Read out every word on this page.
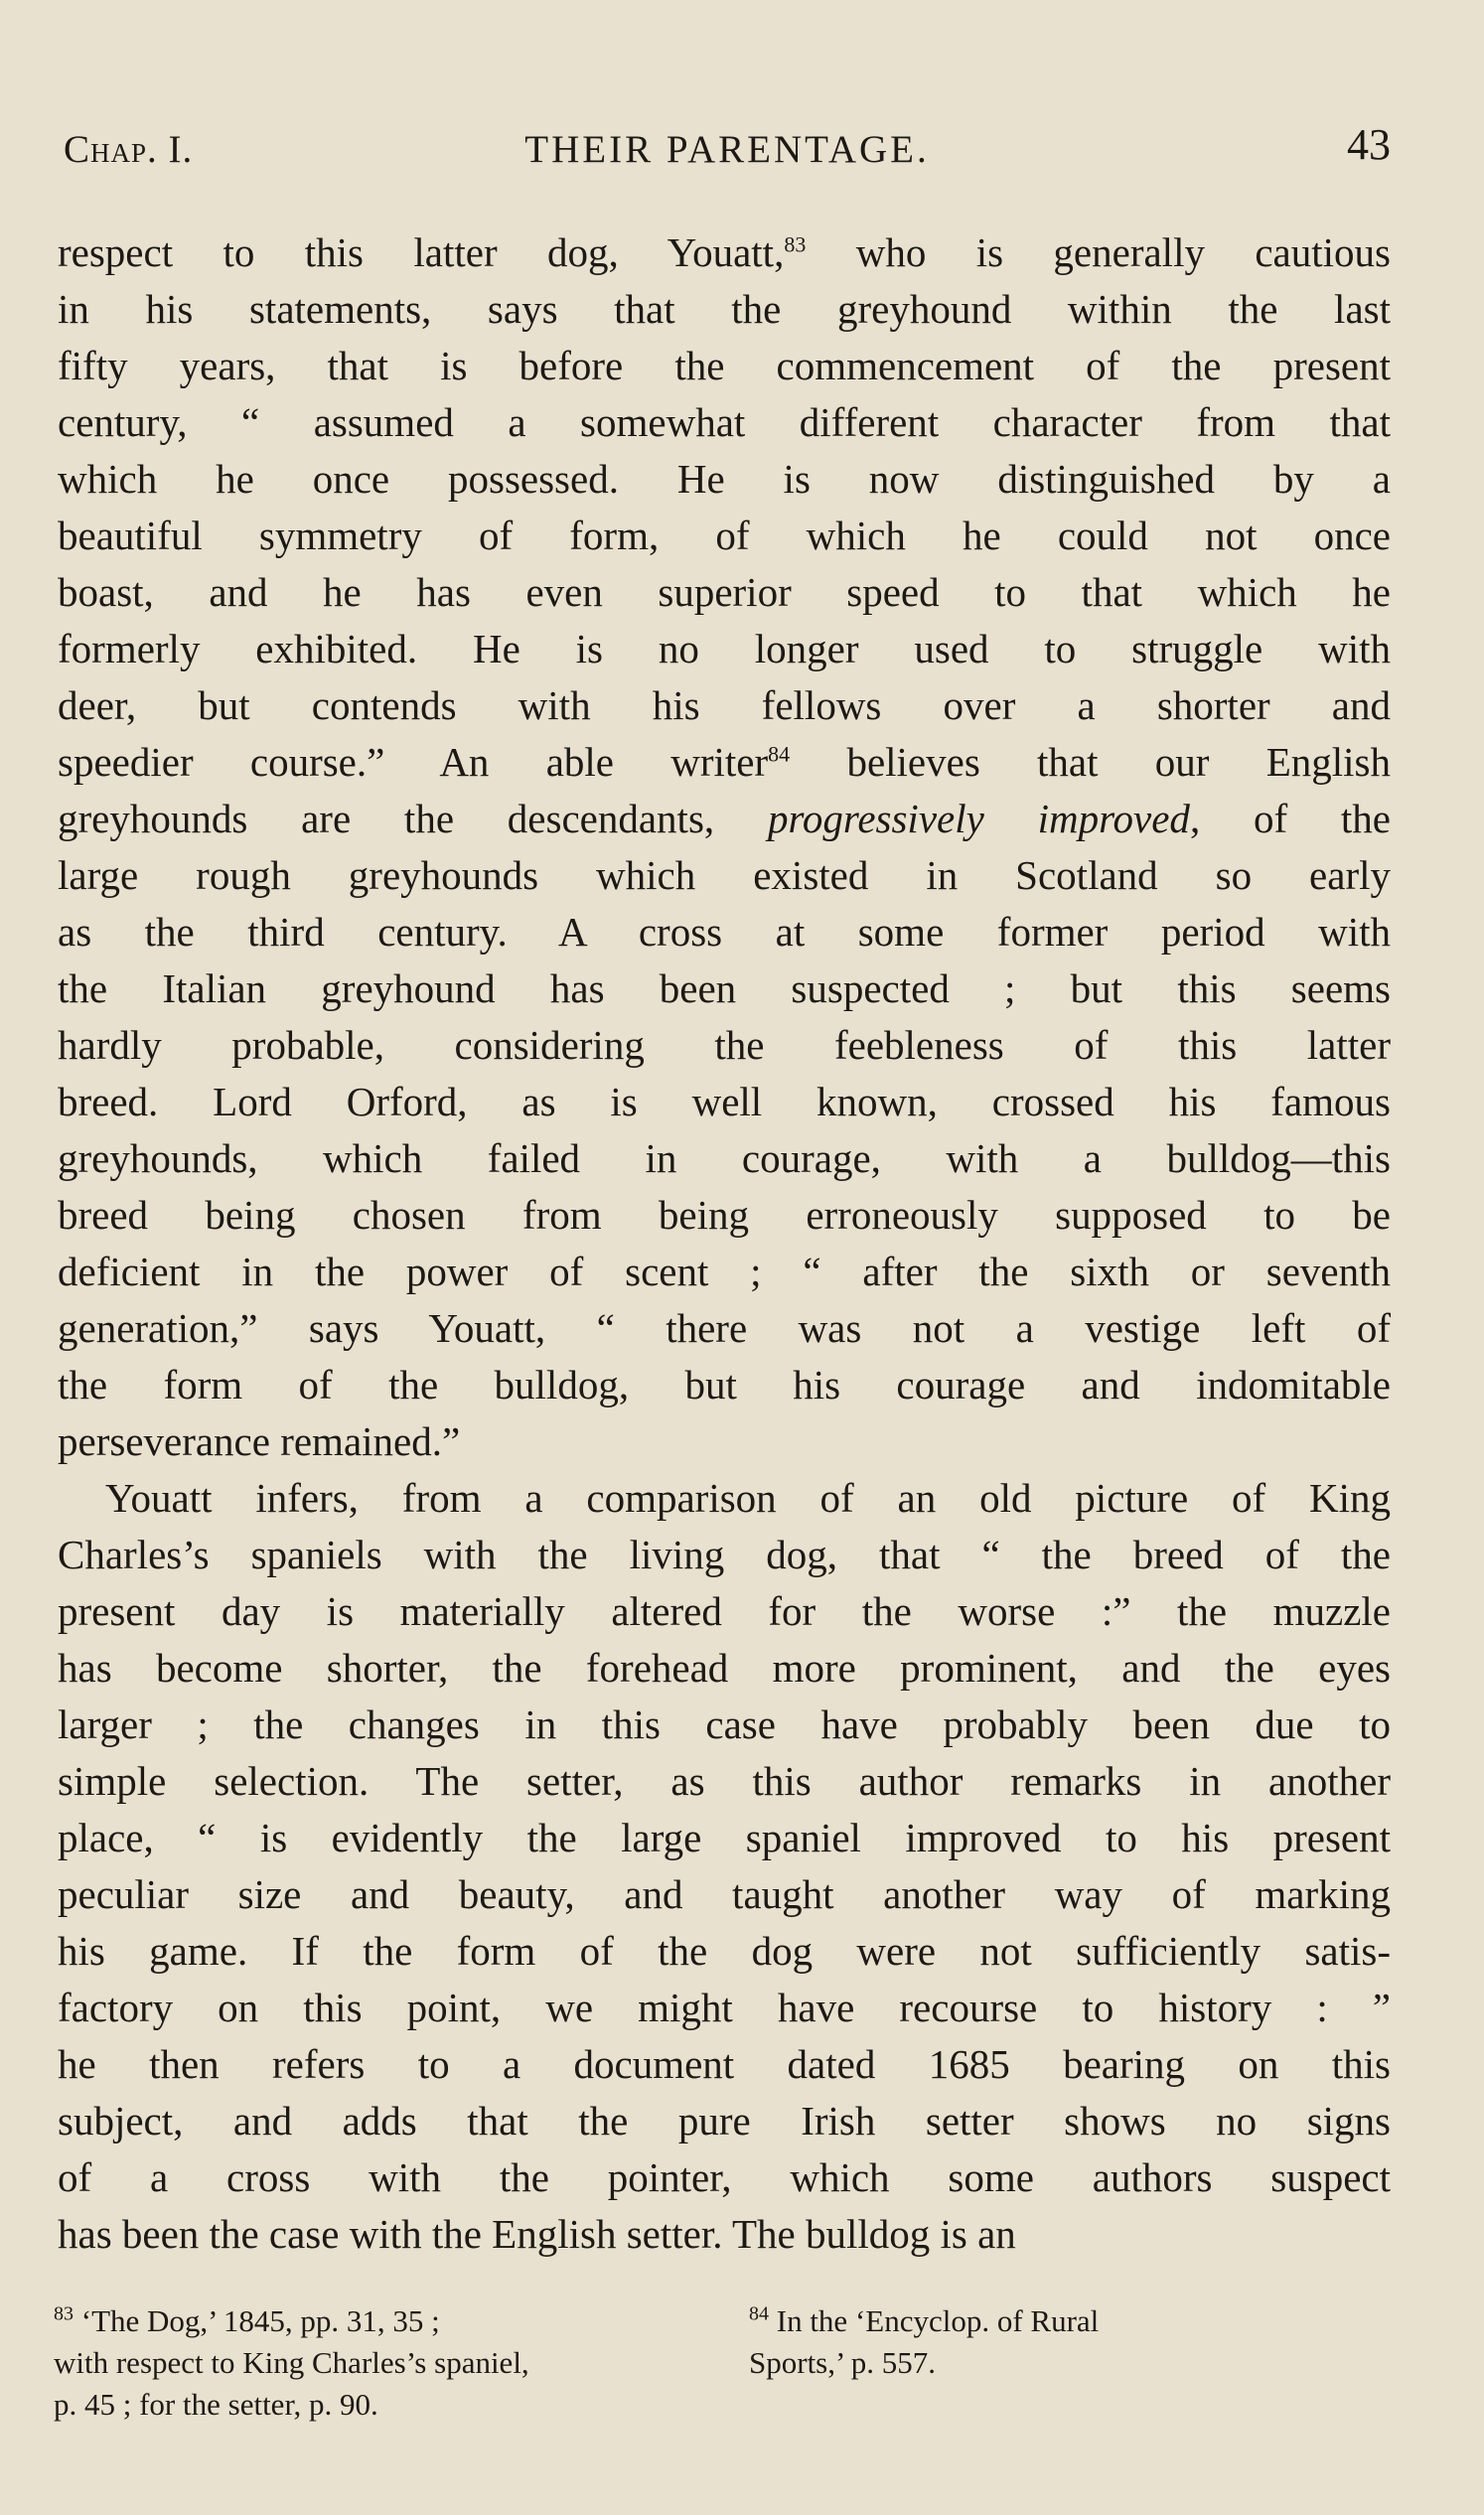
Chap. I.	THEIR PARENTAGE.	43
respect to this latter dog, Youatt,$^{83}$ who is generally cautious
in his statements, says that the greyhound within the last
fifty years, that is before the commencement of the present
century, “ assumed a somewhat different character from that
which he once possessed. He is now distinguished by a
beautiful symmetry of form, of which he could not once
boast, and he has even superior speed to that which he
formerly exhibited. He is no longer used to struggle with
deer, but contends with his fellows over a shorter and
speedier course.” An able writer$^{84}$ believes that our English
greyhounds are the descendants, progressively improved, of the
large rough greyhounds which existed in Scotland so early
as the third century. A cross at some former period with
the Italian greyhound has been suspected ; but this seems
hardly probable, considering the feebleness of this latter
breed. Lord Orford, as is well known, crossed his famous
greyhounds, which failed in courage, with a bulldog—this
breed being chosen from being erroneously supposed to be
deficient in the power of scent ; “ after the sixth or seventh
generation,” says Youatt, “ there was not a vestige left of
the form of the bulldog, but his courage and indomitable
perseverance remained.”
Youatt infers, from a comparison of an old picture of King
Charles’s spaniels with the living dog, that “ the breed of the
present day is materially altered for the worse :” the muzzle
has become shorter, the forehead more prominent, and the eyes
larger ; the changes in this case have probably been due to
simple selection. The setter, as this author remarks in another
place, “ is evidently the large spaniel improved to his present
peculiar size and beauty, and taught another way of marking
his game. If the form of the dog were not sufficiently satis-
factory on this point, we might have recourse to history : ”
he then refers to a document dated 1685 bearing on this
subject, and adds that the pure Irish setter shows no signs
of a cross with the pointer, which some authors suspect
has been the case with the English setter. The bulldog is an
$^{83}$ ‘The Dog,’ 1845, pp. 31, 35 ;
with respect to King Charles’s spaniel,
p. 45 ; for the setter, p. 90.
$^{84}$ In the ‘Encyclop. of Rural
Sports,’ p. 557.
